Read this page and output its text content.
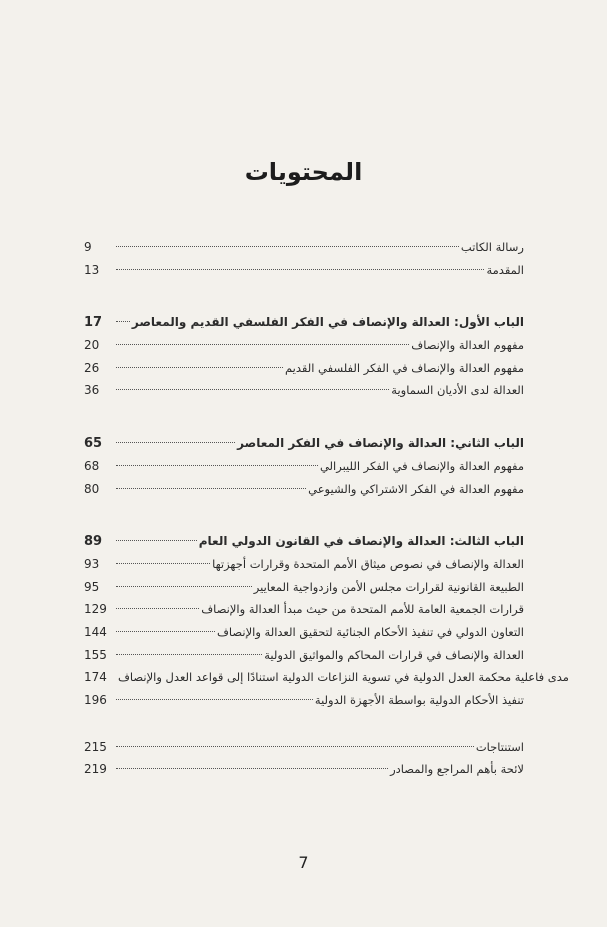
المحتويات
9	رسالة الكاتب
13	المقدمة
17	الباب الأول: العدالة والإنصاف في الفكر الفلسفي القديم والمعاصر
20	مفهوم العدالة والإنصاف
26	مفهوم العدالة والإنصاف في الفكر الفلسفي القديم
36	العدالة لدى الأديان السماوية
65	الباب الثاني: العدالة والإنصاف في الفكر المعاصر
68	مفهوم العدالة والإنصاف في الفكر الليبرالي
80	مفهوم العدالة في الفكر الاشتراكي والشيوعي
89	الباب الثالث: العدالة والإنصاف في القانون الدولي العام
93	العدالة والإنصاف في نصوص ميثاق الأمم المتحدة وقرارات أجهزتها
95	الطبيعة القانونية لقرارات مجلس الأمن وازدواجية المعايير
129	قرارات الجمعية العامة للأمم المتحدة من حيث مبدأ العدالة والإنصاف
144	التعاون الدولي في تنفيذ الأحكام الجنائية لتحقيق العدالة والإنصاف
155	العدالة والإنصاف في قرارات المحاكم والمواثيق الدولية
174 مدى فاعلية محكمة العدل الدولية في تسوية النزاعات الدولية استنادًا إلى قواعد العدل والإنصاف
196	تنفيذ الأحكام الدولية بواسطة الأجهزة الدولية
215	استنتاجات
219	لائحة بأهم المراجع والمصادر
7
